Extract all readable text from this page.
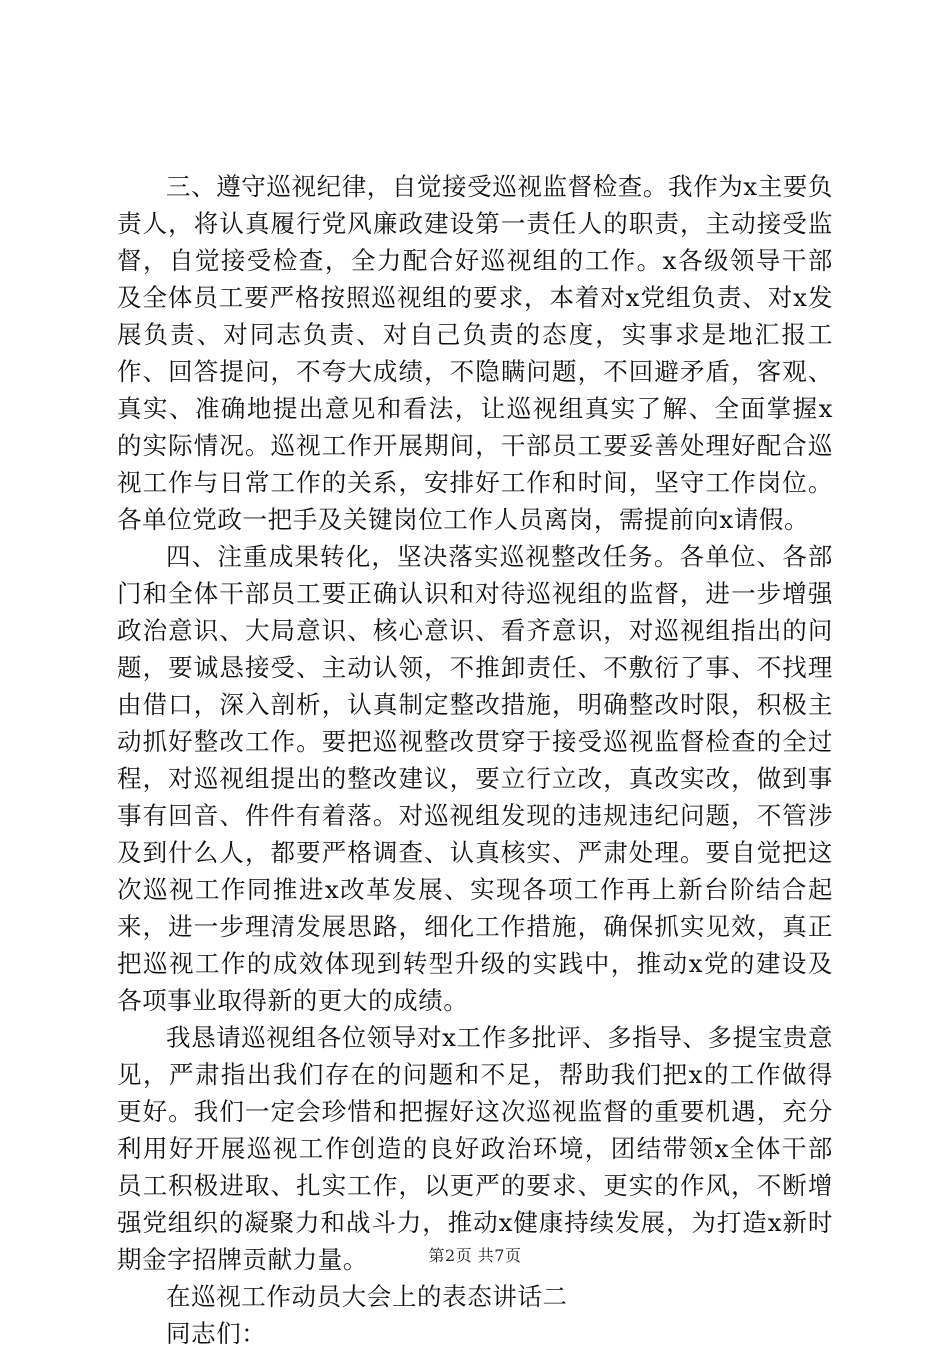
三、遵守巡视纪律，自觉接受巡视监督检查。我作为x主要负责人，将认真履行党风廉政建设第一责任人的职责，主动接受监督，自觉接受检查，全力配合好巡视组的工作。x各级领导干部及全体员工要严格按照巡视组的要求，本着对x党组负责、对x发展负责、对同志负责、对自己负责的态度，实事求是地汇报工作、回答提问，不夸大成绩，不隐瞒问题，不回避矛盾，客观、真实、准确地提出意见和看法，让巡视组真实了解、全面掌握x的实际情况。巡视工作开展期间，干部员工要妥善处理好配合巡视工作与日常工作的关系，安排好工作和时间，坚守工作岗位。各单位党政一把手及关键岗位工作人员离岗，需提前向x请假。

四、注重成果转化，坚决落实巡视整改任务。各单位、各部门和全体干部员工要正确认识和对待巡视组的监督，进一步增强政治意识、大局意识、核心意识、看齐意识，对巡视组指出的问题，要诚恳接受、主动认领，不推卸责任、不敷衍了事、不找理由借口，深入剖析，认真制定整改措施，明确整改时限，积极主动抓好整改工作。要把巡视整改贯穿于接受巡视监督检查的全过程，对巡视组提出的整改建议，要立行立改，真改实改，做到事事有回音、件件有着落。对巡视组发现的违规违纪问题，不管涉及到什么人，都要严格调查、认真核实、严肃处理。要自觉把这次巡视工作同推进x改革发展、实现各项工作再上新台阶结合起来，进一步理清发展思路，细化工作措施，确保抓实见效，真正把巡视工作的成效体现到转型升级的实践中，推动x党的建设及各项事业取得新的更大的成绩。

我恳请巡视组各位领导对x工作多批评、多指导、多提宝贵意见，严肃指出我们存在的问题和不足，帮助我们把x的工作做得更好。我们一定会珍惜和把握好这次巡视监督的重要机遇，充分利用好开展巡视工作创造的良好政治环境，团结带领x全体干部员工积极进取、扎实工作，以更严的要求、更实的作风，不断增强党组织的凝聚力和战斗力，推动x健康持续发展，为打造x新时期金字招牌贡献力量。

在巡视工作动员大会上的表态讲话二

同志们：

第2页 共7页
